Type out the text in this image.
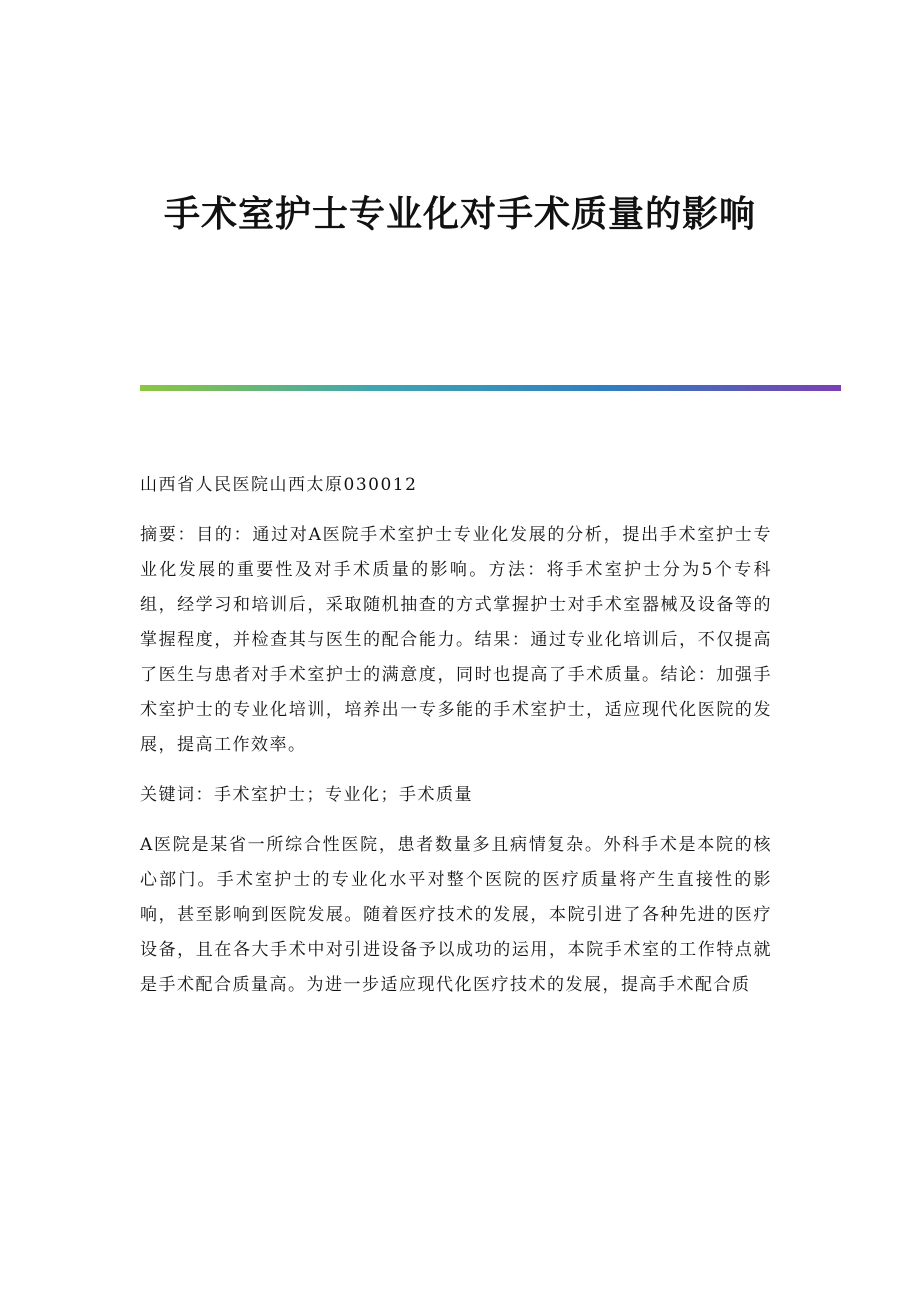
手术室护士专业化对手术质量的影响

山西省人民医院山西太原030012

摘要：目的：通过对A医院手术室护士专业化发展的分析，提出手术室护士专业化发展的重要性及对手术质量的影响。方法：将手术室护士分为5个专科组，经学习和培训后，采取随机抽查的方式掌握护士对手术室器械及设备等的掌握程度，并检查其与医生的配合能力。结果：通过专业化培训后，不仅提高了医生与患者对手术室护士的满意度，同时也提高了手术质量。结论：加强手术室护士的专业化培训，培养出一专多能的手术室护士，适应现代化医院的发展，提高工作效率。

关键词：手术室护士；专业化；手术质量

A医院是某省一所综合性医院，患者数量多且病情复杂。外科手术是本院的核心部门。手术室护士的专业化水平对整个医院的医疗质量将产生直接性的影响，甚至影响到医院发展。随着医疗技术的发展，本院引进了各种先进的医疗设备，且在各大手术中对引进设备予以成功的运用，本院手术室的工作特点就是手术配合质量高。为进一步适应现代化医疗技术的发展，提高手术配合质
